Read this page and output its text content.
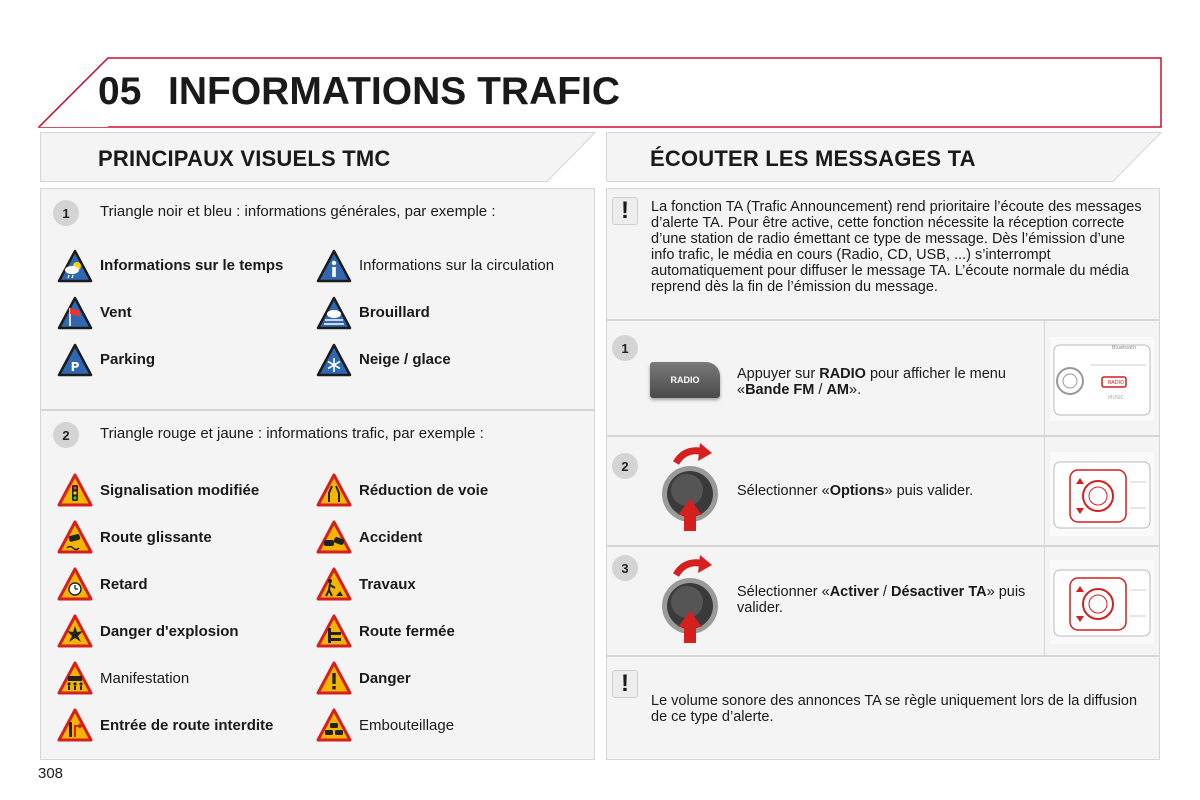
05 INFORMATIONS TRAFIC
PRINCIPAUX VISUELS TMC
1	Triangle noir et bleu : informations générales, par exemple :
Informations sur le temps	Informations sur la circulation
Vent	Brouillard
P Parking	Neige / glace
2	Triangle rouge et jaune : informations trafic, par exemple :
Signalisation modifiée	Réduction de voie
Route glissante	Accident
Retard	Travaux
Danger d'explosion	Route fermée
Manifestation	Danger
Entrée de route interdite	Embouteillage
ÉCOUTER LES MESSAGES TA
!	La fonction TA (Trafic Announcement) rend prioritaire l’écoute des messages d’alerte TA. Pour être active, cette fonction nécessite la réception correcte d’une station de radio émettant ce type de message. Dès l’émission d’une info trafic, le média en cours (Radio, CD, USB, ...) s’interrompt automatiquement pour diffuser le message TA. L’écoute normale du média reprend dès la fin de l’émission du message.
1
2
3
RADIO	Appuyer sur RADIO pour afficher le menu «Bande FM / AM».
Sélectionner «Options» puis valider.
Sélectionner «Activer / Désactiver TA» puis valider.
Bluetooth
RADIO
MUSIC
!
Le volume sonore des annonces TA se règle uniquement lors de la diffusion de ce type d’alerte.
308
